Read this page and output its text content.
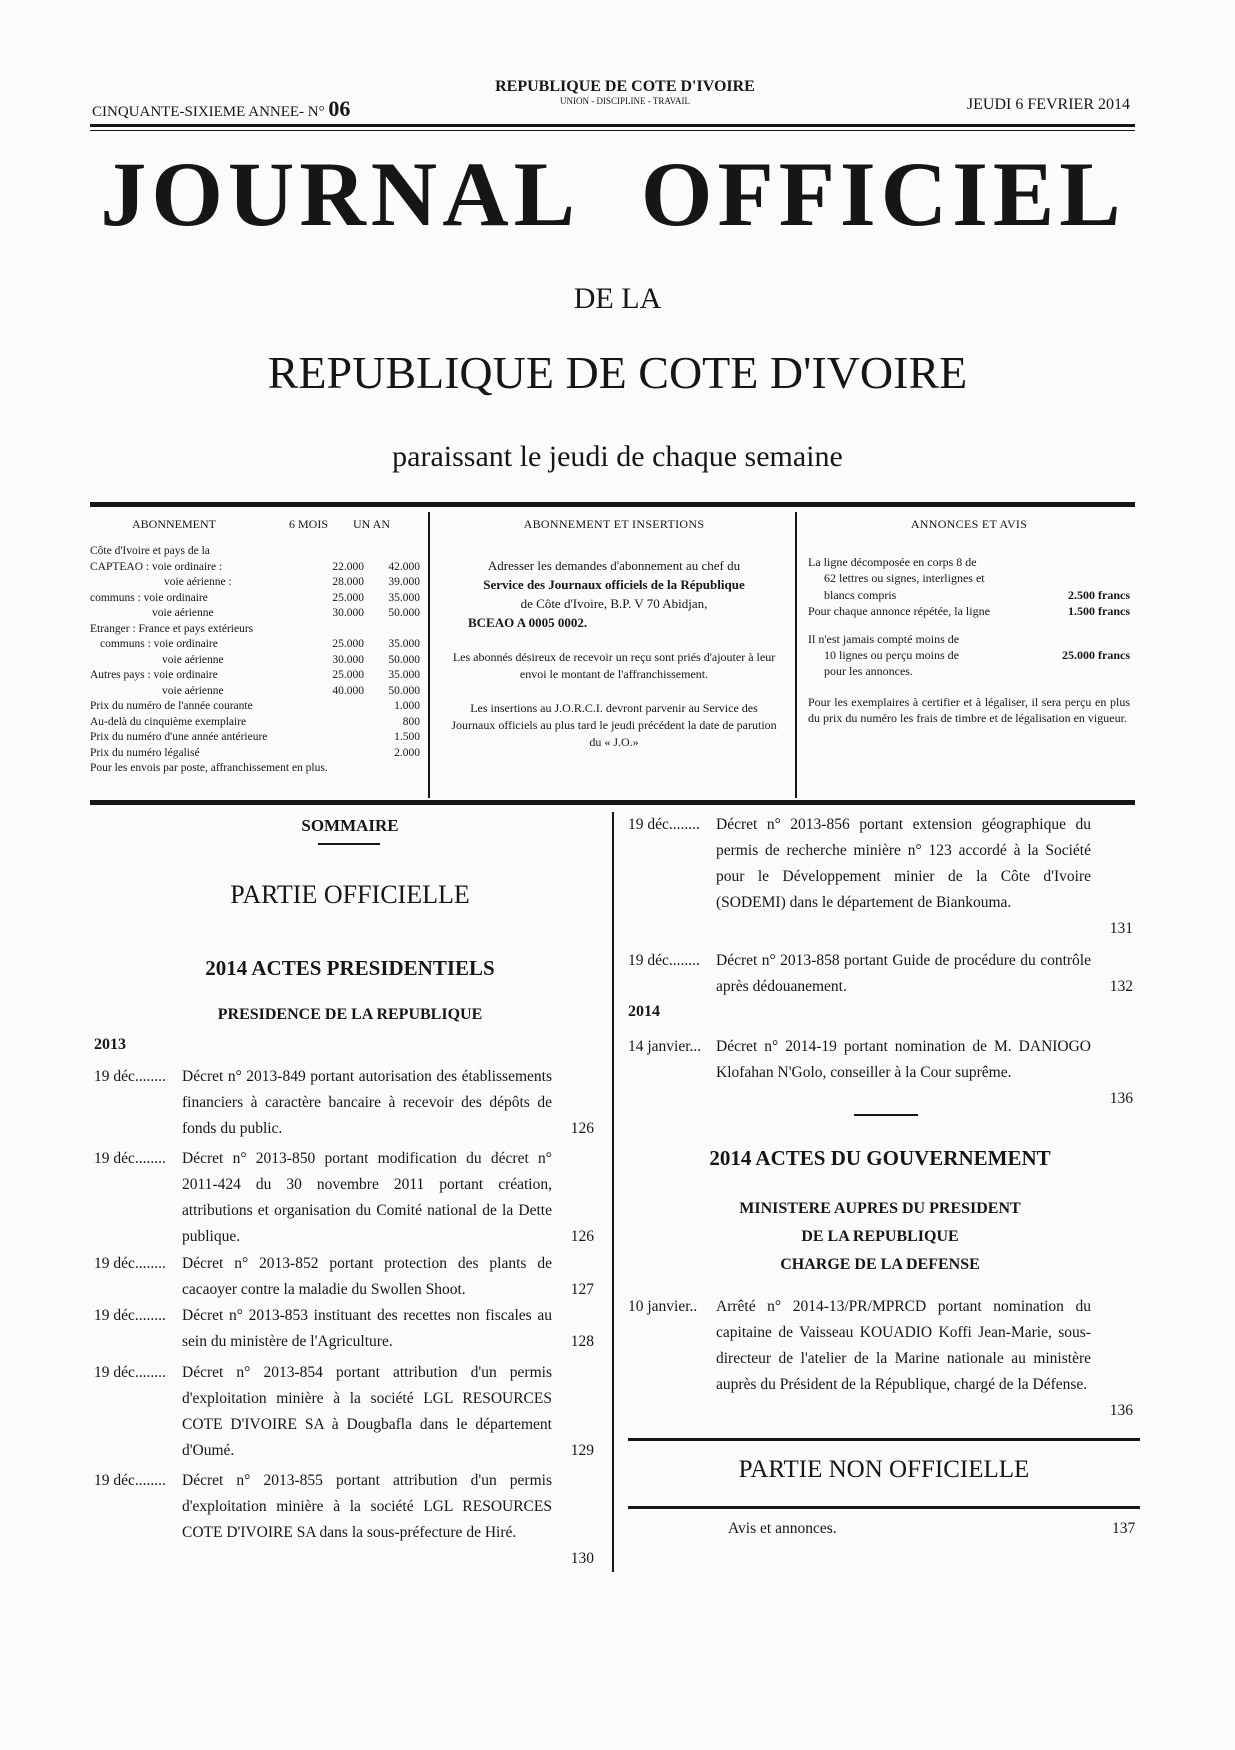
CINQUANTE-SIXIEME ANNEE- N° 06
REPUBLIQUE DE COTE D'IVOIRE
UNION - DISCIPLINE - TRAVAIL	JEUDI 6 FEVRIER 2014
JOURNAL OFFICIEL
DE LA
REPUBLIQUE DE COTE D'IVOIRE
paraissant le jeudi de chaque semaine
ABONNEMENT	6 MOIS	UN AN
Côte d'Ivoire et pays de la
CAPTEAO : voie ordinaire :	22.000	42.000
voie aérienne :	28.000	39.000
communs : voie ordinaire	25.000	35.000
voie aérienne	30.000	50.000
Etranger : France et pays extérieurs
communs : voie ordinaire	25.000	35.000
voie aérienne	30.000	50.000
Autres pays : voie ordinaire	25.000	35.000
voie aérienne	40.000	50.000
Prix du numéro de l'année courante	1.000
Au-delà du cinquième exemplaire	800
Prix du numéro d'une année antérieure	1.500
Prix du numéro légalisé	2.000
Pour les envois par poste, affranchissement en plus.
ABONNEMENT ET INSERTIONS
Adresser les demandes d'abonnement au chef du
Service des Journaux officiels de la République
de Côte d'Ivoire, B.P. V 70 Abidjan,
BCEAO A 0005 0002.
Les abonnés désireux de recevoir un reçu sont priés d'ajouter à leur envoi le montant de l'affranchissement.
Les insertions au J.O.R.C.I. devront parvenir au Service des Journaux officiels au plus tard le jeudi précédent la date de parution du « J.O.»
ANNONCES ET AVIS
La ligne décomposée en corps 8 de
62 lettres ou signes, interlignes et
blancs compris	2.500 francs
Pour chaque annonce répétée, la ligne	1.500 francs
Il n'est jamais compté moins de
10 lignes ou perçu moins de	25.000 francs
pour les annonces.
Pour les exemplaires à certifier et à légaliser, il sera perçu en plus du prix du numéro les frais de timbre et de légalisation en vigueur.
SOMMAIRE
PARTIE OFFICIELLE
2014 ACTES PRESIDENTIELS
PRESIDENCE DE LA REPUBLIQUE
2013
19 déc........	Décret n° 2013-849 portant autorisation des établissements financiers à caractère bancaire à recevoir des dépôts de fonds du public.	126
19 déc........	Décret n° 2013-850 portant modification du décret n° 2011-424 du 30 novembre 2011 portant création, attributions et organisation du Comité national de la Dette publique.	126
19 déc........	Décret n° 2013-852 portant protection des plants de cacaoyer contre la maladie du Swollen Shoot.	127
19 déc........	Décret n° 2013-853 instituant des recettes non fiscales au sein du ministère de l'Agriculture.	128
19 déc........	Décret n° 2013-854 portant attribution d'un permis d'exploitation minière à la société LGL RESOURCES COTE D'IVOIRE SA à Dougbafla dans le département d'Oumé.	129
19 déc........	Décret n° 2013-855 portant attribution d'un permis d'exploitation minière à la société LGL RESOURCES COTE D'IVOIRE SA dans la sous-préfecture de Hiré.
130
19 déc........	Décret n° 2013-856 portant extension géographique du permis de recherche minière n° 123 accordé à la Société pour le Développement minier de la Côte d'Ivoire (SODEMI) dans le département de Biankouma.
131
19 déc........	Décret n° 2013-858 portant Guide de procédure du contrôle après dédouanement.	132
14 janvier... Décret n° 2014-19 portant nomination de M. DANIOGO Klofahan N'Golo, conseiller à la Cour suprême.
136
10 janvier..	Arrêté n° 2014-13/PR/MPRCD portant nomination du capitaine de Vaisseau KOUADIO Koffi Jean-Marie, sous-directeur de l'atelier de la Marine nationale au ministère auprès du Président de la République, chargé de la Défense.
136
2014
2014 ACTES DU GOUVERNEMENT
MINISTERE AUPRES DU PRESIDENT
DE LA REPUBLIQUE
CHARGE DE LA DEFENSE
PARTIE NON OFFICIELLE
Avis et annonces.	137
